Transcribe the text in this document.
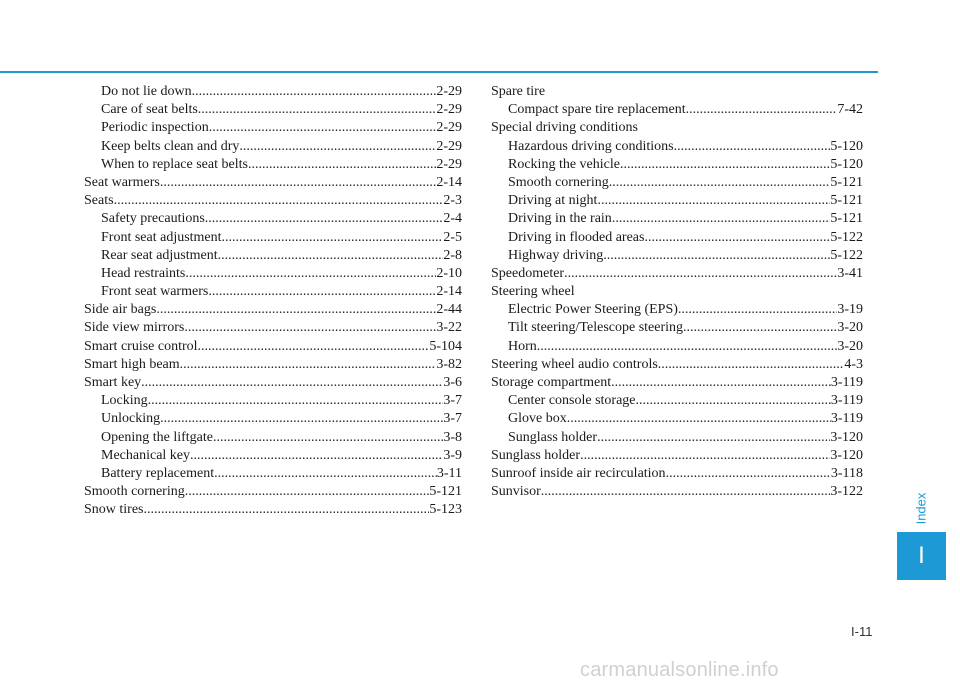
Do not lie down .....	2-29
Care of seat belts .....	2-29
Periodic inspection .....	2-29
Keep belts clean and dry .....	2-29
When to replace seat belts .....	2-29
Seat warmers .....	2-14
Seats .....	2-3
Safety precautions .....	2-4
Front seat adjustment .....	2-5
Rear seat adjustment .....	2-8
Head restraints .....	2-10
Front seat warmers .....	2-14
Side air bags .....	2-44
Side view mirrors .....	3-22
Smart cruise control .....	5-104
Smart high beam .....	3-82
Smart key .....	3-6
Locking .....	3-7
Unlocking .....	3-7
Opening the liftgate .....	3-8
Mechanical key .....	3-9
Battery replacement .....	3-11
Smooth cornering .....	5-121
Snow tires .....	5-123
Spare tire
Compact spare tire replacement .....	7-42
Special driving conditions
Hazardous driving conditions .....	5-120
Rocking the vehicle .....	5-120
Smooth cornering .....	5-121
Driving at night .....	5-121
Driving in the rain .....	5-121
Driving in flooded areas .....	5-122
Highway driving .....	5-122
Speedometer .....	3-41
Steering wheel
Electric Power Steering (EPS) .....	3-19
Tilt steering/Telescope steering .....	3-20
Horn .....	3-20
Steering wheel audio controls .....	4-3
Storage compartment .....	3-119
Center console storage .....	3-119
Glove box .....	3-119
Sunglass holder .....	3-120
Sunglass holder .....	3-120
Sunroof inside air recirculation .....	3-118
Sunvisor .....	3-122
Index
I
I-11
carmanualsonline.info
